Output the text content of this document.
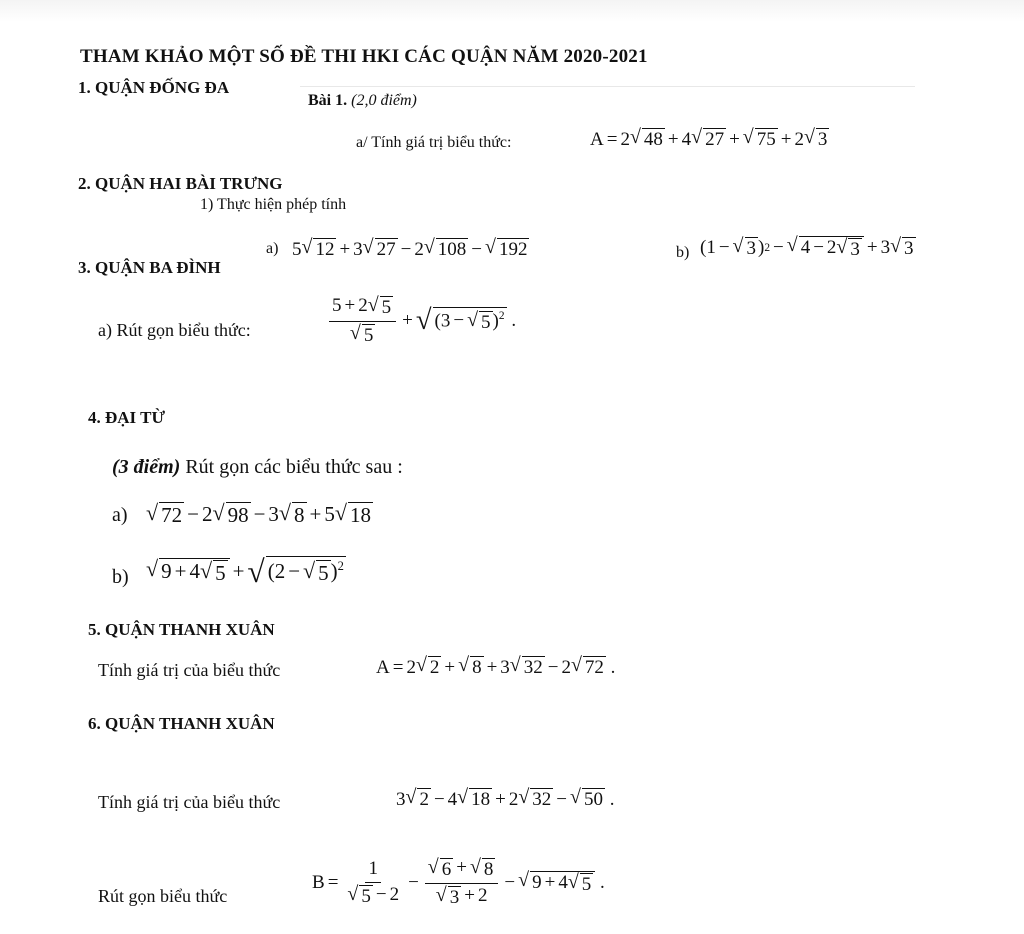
THAM KHẢO MỘT SỐ ĐỀ THI HKI CÁC QUẬN NĂM 2020-2021
1. QUẬN ĐỐNG ĐA
Bài 1. (2,0 điểm)
a/ Tính giá trị biểu thức:	A = 2 √ 48 + 4 √ 27 + √ 75 + 2 √ 3
2. QUẬN HAI BÀI TRƯNG
1) Thực hiện phép tính
a) 5 √ 12 + 3 √ 27 − 2 √ 108 − √ 192	b) (1 − √ 3 ) 2 − √ 4 − 2 √ 3 + 3 √ 3
3. QUẬN BA ĐÌNH
a) Rút gọn biểu thức:	$\frac{5 + 2 √ 5}{√ 5}$ + √ (3 − √ 5 )$^2$ .
4. ĐẠI TỪ
(3 điểm) Rút gọn các biểu thức sau :
a) √ 72 − 2 √ 98 − 3 √ 8 + 5 √ 18
b) √ 9 + 4 √ 5 + √ (2 − √ 5 )$^2$
5. QUẬN THANH XUÂN
Tính giá trị của biểu thức	A = 2 √ 2 + √ 8 + 3 √ 32 − 2 √ 72 .
6. QUẬN THANH XUÂN
Tính giá trị của biểu thức	3 √ 2 − 4 √ 18 + 2 √ 32 − √ 50 .
Rút gọn biểu thức
$B = \frac{1}{√ 5 - 2} - \frac{√ 6 + √ 8}{√ 3 + 2}$ − √ 9 + 4 √ 5 .
